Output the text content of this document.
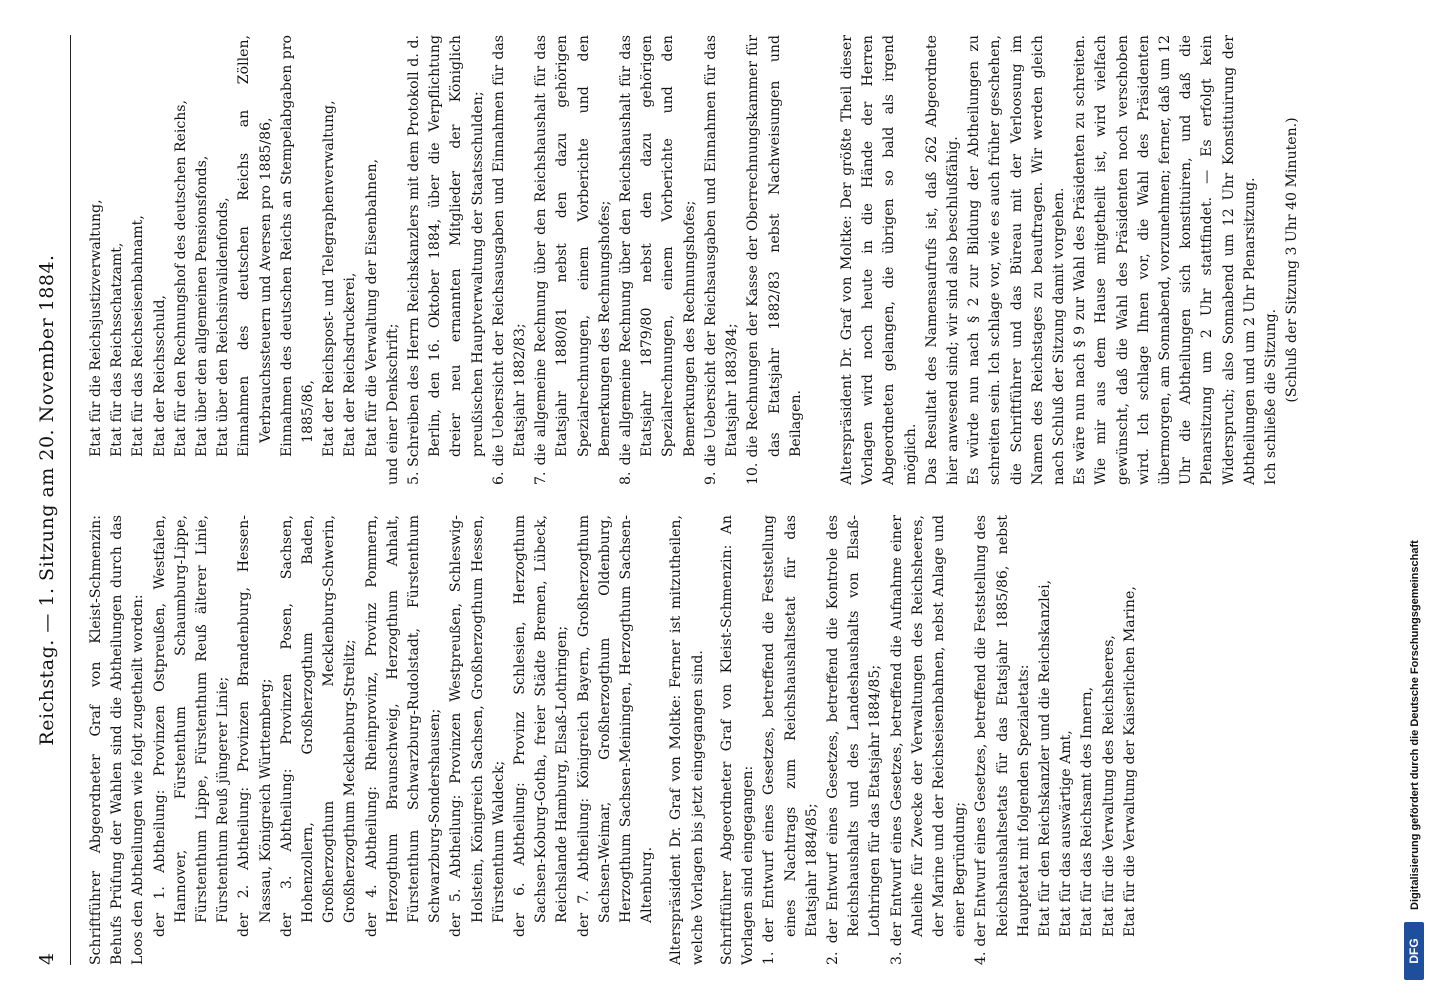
4
Reichstag. — 1. Sitzung am 20. November 1884. Schriftführer Abgeordneter Graf von Kleist-Schmenzin: Behufs Prüfung der Wahlen sind die Abtheilungen durch das Loos den Abtheilungen wie folgt zugetheilt worden: der 1. Abtheilung: Provinzen Ostpreußen, Westfalen, Hannover, Fürstenthum Schaumburg-Lippe, Fürstenthum Lippe, Fürstenthum Reuß älterer Linie, Fürstenthum Reuß jüngerer Linie; der 2. Abtheilung: Provinzen Brandenburg, Hessen-Nassau, Königreich Württemberg; der 3. Abtheilung: Provinzen Posen, Sachsen, Hohenzollern, Großherzogthum Baden, Großherzogthum Mecklenburg-Schwerin, Großherzogthum Mecklenburg-Strelitz; der 4. Abtheilung: Rheinprovinz, Provinz Pommern, Herzogthum Braunschweig, Herzogthum Anhalt, Fürstenthum Schwarzburg-Rudolstadt, Fürstenthum Schwarzburg-Sondershausen; der 5. Abtheilung: Provinzen Westpreußen, Schleswig-Holstein, Königreich Sachsen, Großherzogthum Hessen, Fürstenthum Waldeck; der 6. Abtheilung: Provinz Schlesien, Herzogthum Sachsen-Koburg-Gotha, freier Städte Bremen, Lübeck, Reichslande Hamburg, Elsaß-Lothringen; der 7. Abtheilung: Königreich Bayern, Großherzogthum Sachsen-Weimar, Großherzogthum Oldenburg, Herzogthum Sachsen-Meiningen, Herzogthum Sachsen-Altenburg. Alterspräsident Dr. Graf von Moltke: Ferner ist mitzutheilen, welche Vorlagen bis jetzt eingegangen sind. Schriftführer Abgeordneter Graf von Kleist-Schmenzin: An Vorlagen sind eingegangen: 1. der Entwurf eines Gesetzes, betreffend die Feststellung eines Nachtrags zum Reichshaushaltsetat für das Etatsjahr 1884/85; 2. der Entwurf eines Gesetzes, betreffend die Kontrole des Reichshaushalts und des Landeshaushalts von Elsaß-Lothringen für das Etatsjahr 1884/85; 3. der Entwurf eines Gesetzes, betreffend die Aufnahme einer Anleihe für Zwecke der Verwaltungen des Reichsheeres, der Marine und der Reichseisenbahnen, nebst Anlage und einer Begründung; 4. der Entwurf eines Gesetzes, betreffend die Feststellung des Reichshaushaltsetats für das Etatsjahr 1885/86, nebst Hauptetat mit folgenden Spezialetats: Etat für den Reichskanzler und die Reichskanzlei, Etat für das auswärtige Amt, Etat für das Reichsamt des Innern, Etat für die Verwaltung des Reichsheeres, Etat für die Verwaltung der Kaiserlichen Marine,

Etat für die Reichsjustizverwaltung, Etat für das Reichsschatzamt, Etat für das Reichseisenbahnamt, Etat der Reichsschuld, Etat für den Rechnungshof des deutschen Reichs, Etat über den allgemeinen Pensionsfonds, Etat über den Reichsinvalidenfonds, Einnahmen des deutschen Reichs an Zöllen, Verbrauchssteuern und Aversen pro 1885/86, Einnahmen des deutschen Reichs an Stempelabgaben pro 1885/86, Etat der Reichspost- und Telegraphenverwaltung, Etat der Reichsdruckerei, Etat für die Verwaltung der Eisenbahnen, und einer Denkschrift; 5. Schreiben des Herrn Reichskanzlers mit dem Protokoll d. d. Berlin, den 16. Oktober 1884, über die Verpflichtung dreier neu ernannten Mitglieder der Königlich preußischen Hauptverwaltung der Staatsschulden; 6. die Uebersicht der Reichsausgaben und Einnahmen für das Etatsjahr 1882/83; 7. die allgemeine Rechnung über den Reichshaushalt für das Etatsjahr 1880/81 nebst den dazu gehörigen Spezialrechnungen, einem Vorberichte und den Bemerkungen des Rechnungshofes; 8. die allgemeine Rechnung über den Reichshaushalt für das Etatsjahr 1879/80 nebst den dazu gehörigen Spezialrechnungen, einem Vorberichte und den Bemerkungen des Rechnungshofes; 9. die Uebersicht der Reichsausgaben und Einnahmen für das Etatsjahr 1883/84; 10. die Rechnungen der Kasse der Oberrechnungskammer für das Etatsjahr 1882/83 nebst Nachweisungen und Beilagen. Alterspräsident Dr. Graf von Moltke: Der größte Theil dieser Vorlagen wird noch heute in die Hände der Herren Abgeordneten gelangen, die übrigen so bald als irgend möglich. Das Resultat des Namensaufrufs ist, daß 262 Abgeordnete hier anwesend sind; wir sind also beschlußfähig. Es würde nun nach § 2 zur Bildung der Abtheilungen zu schreiten sein. Ich schlage vor, wie es auch früher geschehen, die Schriftführer und das Büreau mit der Verloosung im Namen des Reichstages zu beauftragen. Wir werden gleich nach Schluß der Sitzung damit vorgehen. Es wäre nun nach § 9 zur Wahl des Präsidenten zu schreiten. Wie mir aus dem Hause mitgetheilt ist, wird vielfach gewünscht, daß die Wahl des Präsidenten noch verschoben wird. Ich schlage Ihnen vor, die Wahl des Präsidenten übermorgen, am Sonnabend, vorzunehmen; ferner, daß um 12 Uhr die Abtheilungen sich konstituiren, und daß die Plenarsitzung um 2 Uhr stattfindet. — Es erfolgt kein Widerspruch; also Sonnabend um 12 Uhr Konstituirung der Abtheilungen und um 2 Uhr Plenarsitzung. Ich schließe die Sitzung. (Schluß der Sitzung 3 Uhr 40 Minuten.)

DFG
Digitalisierung gefördert durch die Deutsche Forschungsgemeinschaft
